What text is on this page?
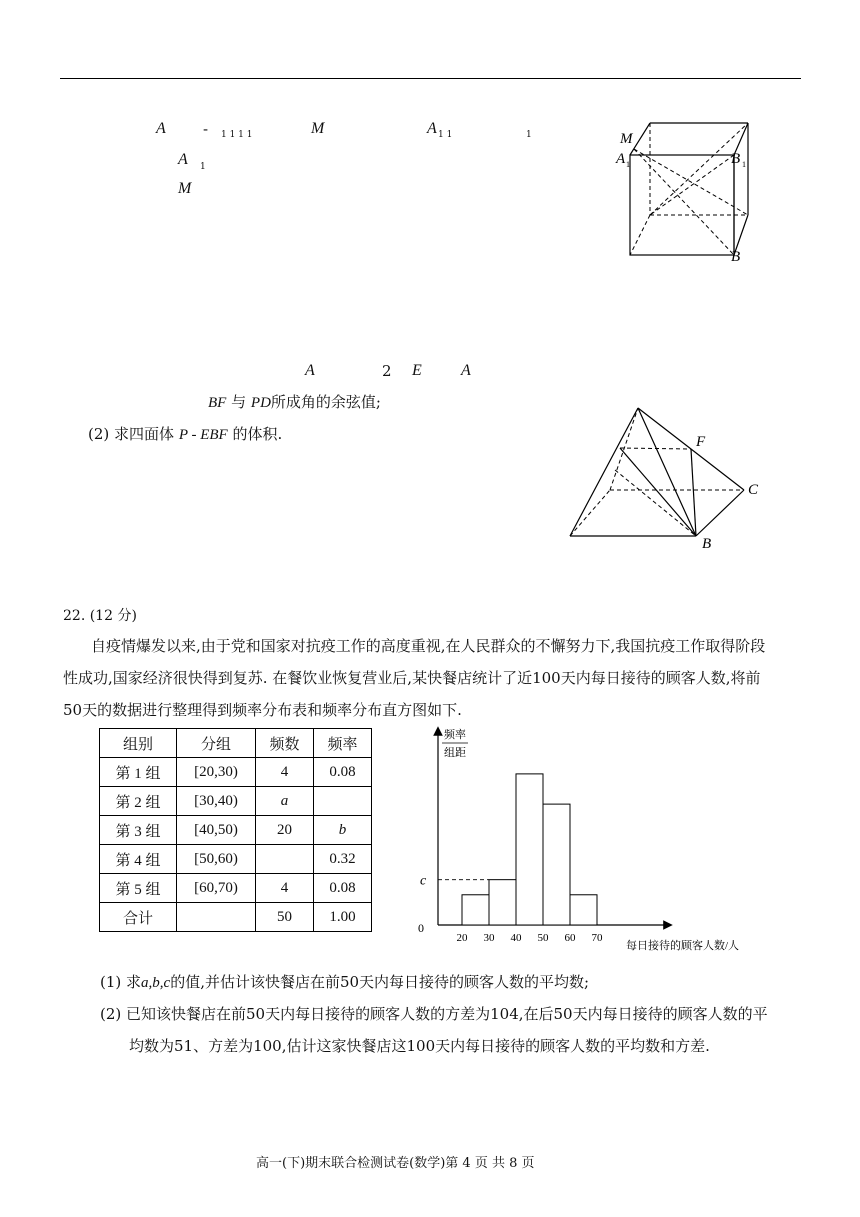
A - 1 1 1 1	M	A 1 1	1
A 1
M
M
A 1	B 1
B
A	2 E A
BF 与 PD所成角的余弦值;
(2) 求四面体 P - EBF 的体积.	F
C
B
22. (12 分)
自疫情爆发以来,由于党和国家对抗疫工作的高度重视,在人民群众的不懈努力下,我国抗疫工作取得阶段
性成功,国家经济很快得到复苏. 在餐饮业恢复营业后,某快餐店统计了近100天内每日接待的顾客人数,将前
50天的数据进行整理得到频率分布表和频率分布直方图如下.
组别	分组	频数	频率
第 1 组	[20,30)	4	0.08
第 2 组	[30,40)	a	
第 3 组	[40,50)	20	b
第 4 组	[50,60)		0.32
第 5 组	[60,70)	4	0.08
合计		50	1.00
频率
组距
0
c
20 30 40 50 60 70
每日接待的顾客人数/人
(1) 求a,b,c的值,并估计该快餐店在前50天内每日接待的顾客人数的平均数;
(2) 已知该快餐店在前50天内每日接待的顾客人数的方差为104,在后50天内每日接待的顾客人数的平
均数为51、方差为100,估计这家快餐店这100天内每日接待的顾客人数的平均数和方差.
高一(下)期末联合检测试卷(数学)第 4 页 共 8 页
